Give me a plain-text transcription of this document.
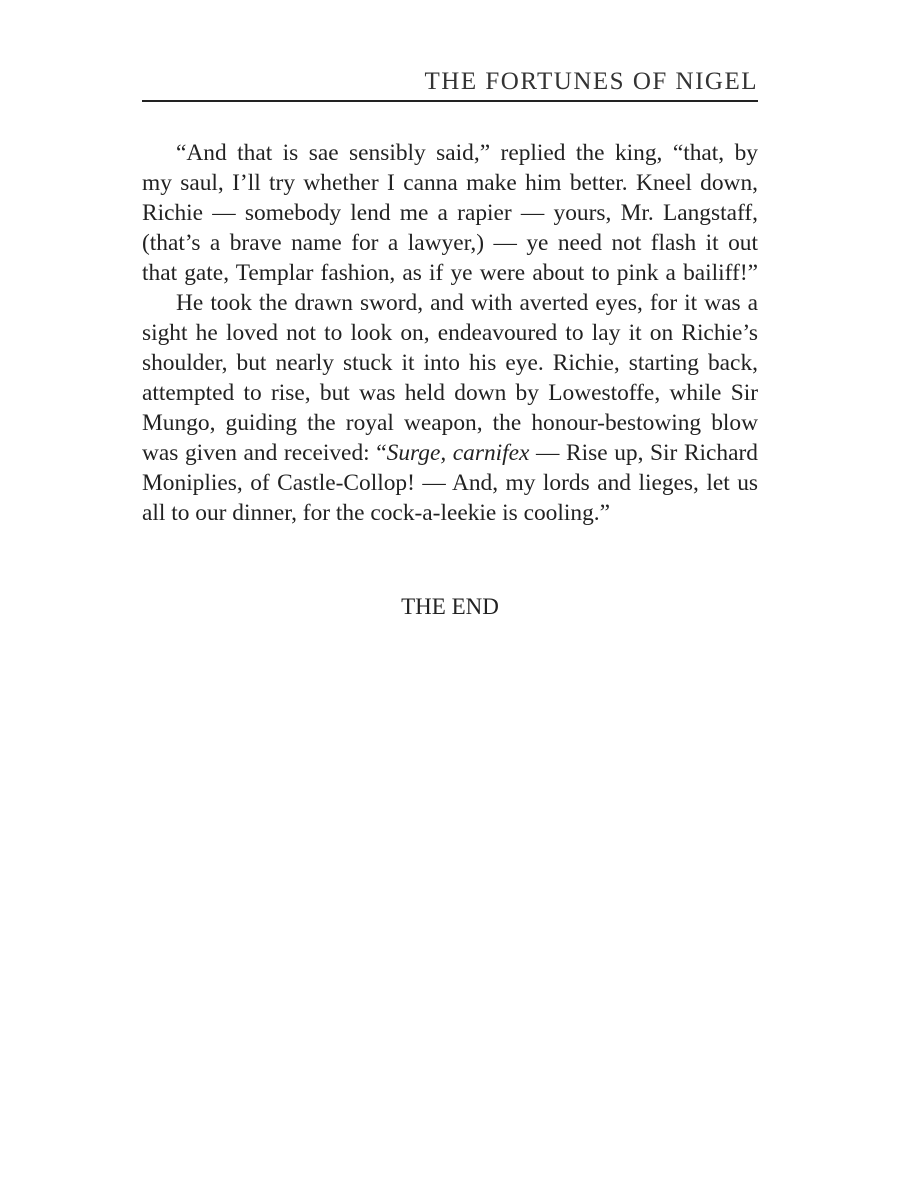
THE FORTUNES OF NIGEL
“And that is sae sensibly said,” replied the king, “that, by
my saul, I’ll try whether I canna make him better. Kneel down,
Richie — somebody lend me a rapier — yours, Mr. Langstaff,
(that’s a brave name for a lawyer,) — ye need not flash it out
that gate, Templar fashion, as if ye were about to pink a bailiff!”
He took the drawn sword, and with averted eyes, for it was a
sight he loved not to look on, endeavoured to lay it on Richie’s
shoulder, but nearly stuck it into his eye. Richie, starting back,
attempted to rise, but was held down by Lowestoffe, while Sir
Mungo, guiding the royal weapon, the honour-bestowing blow
was given and received: “Surge, carnifex — Rise up, Sir Richard
Moniplies, of Castle-Collop! — And, my lords and lieges, let us
all to our dinner, for the cock-a-leekie is cooling.”
THE END
